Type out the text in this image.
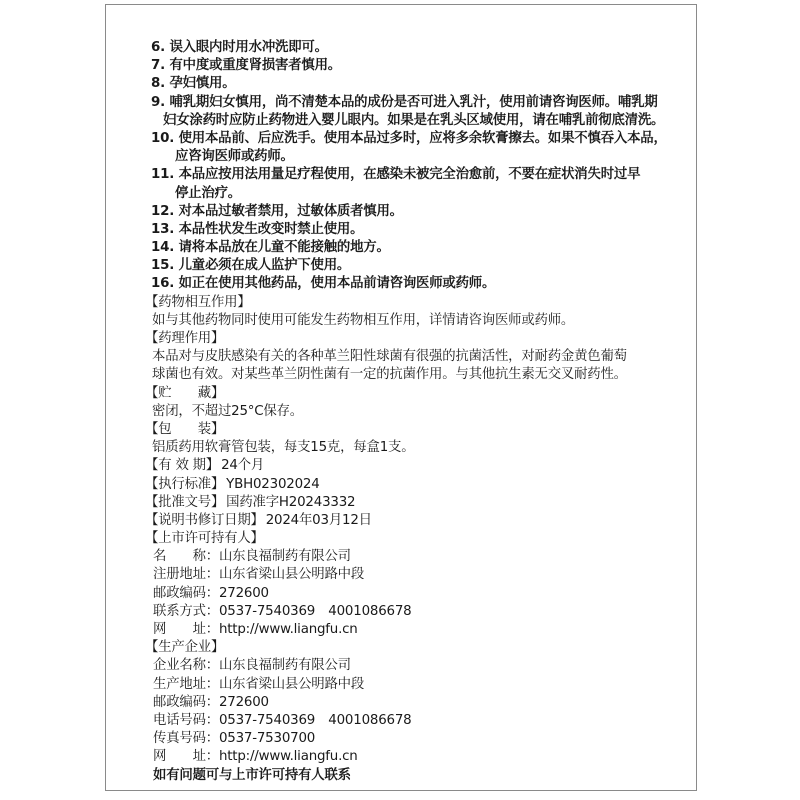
6. 误入眼内时用水冲洗即可。
7. 有中度或重度肾损害者慎用。
8. 孕妇慎用。
9. 哺乳期妇女慎用，尚不清楚本品的成份是否可进入乳汁，使用前请咨询医师。哺乳期
妇女涂药时应防止药物进入婴儿眼内。如果是在乳头区域使用，请在哺乳前彻底清洗。
10. 使用本品前、后应洗手。使用本品过多时，应将多余软膏擦去。如果不慎吞入本品，
应咨询医师或药师。
11. 本品应按用法用量足疗程使用，在感染未被完全治愈前，不要在症状消失时过早
停止治疗。
12. 对本品过敏者禁用，过敏体质者慎用。
13. 本品性状发生改变时禁止使用。
14. 请将本品放在儿童不能接触的地方。
15. 儿童必须在成人监护下使用。
16. 如正在使用其他药品，使用本品前请咨询医师或药师。
【药物相互作用】
如与其他药物同时使用可能发生药物相互作用，详情请咨询医师或药师。
【药理作用】
本品对与皮肤感染有关的各种革兰阳性球菌有很强的抗菌活性，对耐药金黄色葡萄
球菌也有效。对某些革兰阴性菌有一定的抗菌作用。与其他抗生素无交叉耐药性。
【贮　　藏】
密闭，不超过25°C保存。
【包　　装】
铝质药用软膏管包装，每支15克，每盒1支。
【有 效 期】 24个月
【执行标准】 YBH02302024
【批准文号】 国药准字H20243332
【说明书修订日期】 2024年03月12日
【上市许可持有人】
名　　称：山东良福制药有限公司
注册地址：山东省梁山县公明路中段
邮政编码：272600
联系方式：0537-7540369　4001086678
网　　址：http://www.liangfu.cn
【生产企业】
企业名称：山东良福制药有限公司
生产地址：山东省梁山县公明路中段
邮政编码：272600
电话号码：0537-7540369　4001086678
传真号码：0537-7530700
网　　址：http://www.liangfu.cn
如有问题可与上市许可持有人联系
